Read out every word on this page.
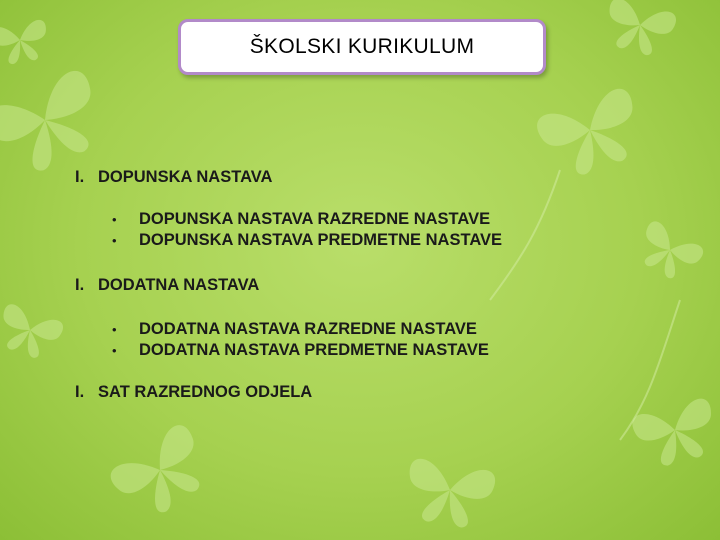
ŠKOLSKI KURIKULUM
I. DOPUNSKA NASTAVA
•	DOPUNSKA NASTAVA RAZREDNE NASTAVE
•	DOPUNSKA NASTAVA PREDMETNE NASTAVE
I. DODATNA NASTAVA
•	DODATNA NASTAVA RAZREDNE NASTAVE
•	DODATNA NASTAVA PREDMETNE NASTAVE
I. SAT RAZREDNOG ODJELA
